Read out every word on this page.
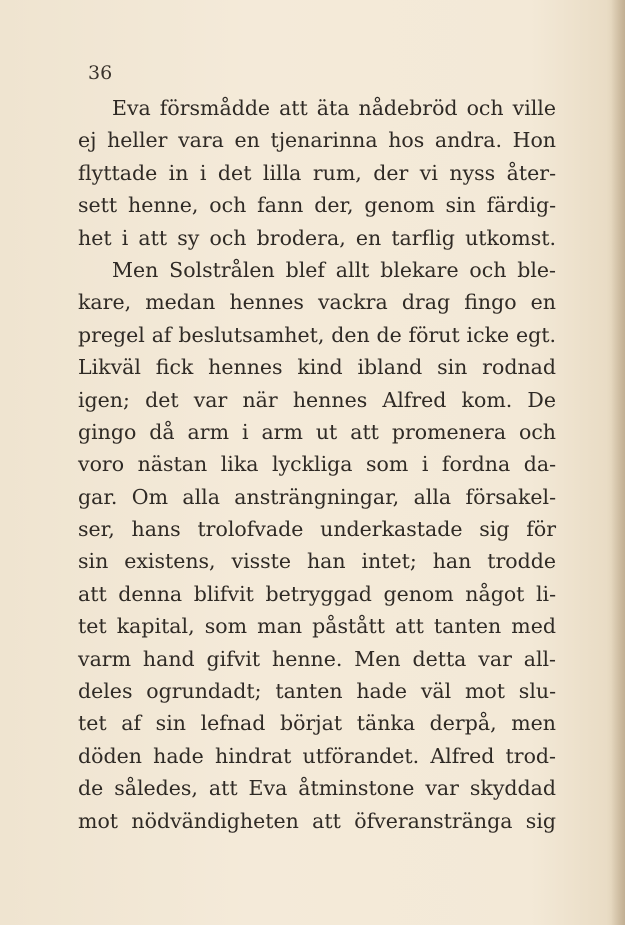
36
Eva försmådde att äta nådebröd och ville
ej heller vara en tjenarinna hos andra. Hon
flyttade in i det lilla rum, der vi nyss åter-
sett henne, och fann der, genom sin färdig-
het i att sy och brodera, en tarflig utkomst.
Men Solstrålen blef allt blekare och ble-
kare, medan hennes vackra drag fingo en
pregel af beslutsamhet, den de förut icke egt.
Likväl fick hennes kind ibland sin rodnad
igen; det var när hennes Alfred kom. De
gingo då arm i arm ut att promenera och
voro nästan lika lyckliga som i fordna da-
gar. Om alla ansträngningar, alla försakel-
ser, hans trolofvade underkastade sig för
sin existens, visste han intet; han trodde
att denna blifvit betryggad genom något li-
tet kapital, som man påstått att tanten med
varm hand gifvit henne. Men detta var all-
deles ogrundadt; tanten hade väl mot slu-
tet af sin lefnad börjat tänka derpå, men
döden hade hindrat utförandet. Alfred trod-
de således, att Eva åtminstone var skyddad
mot nödvändigheten att öfveranstränga sig
